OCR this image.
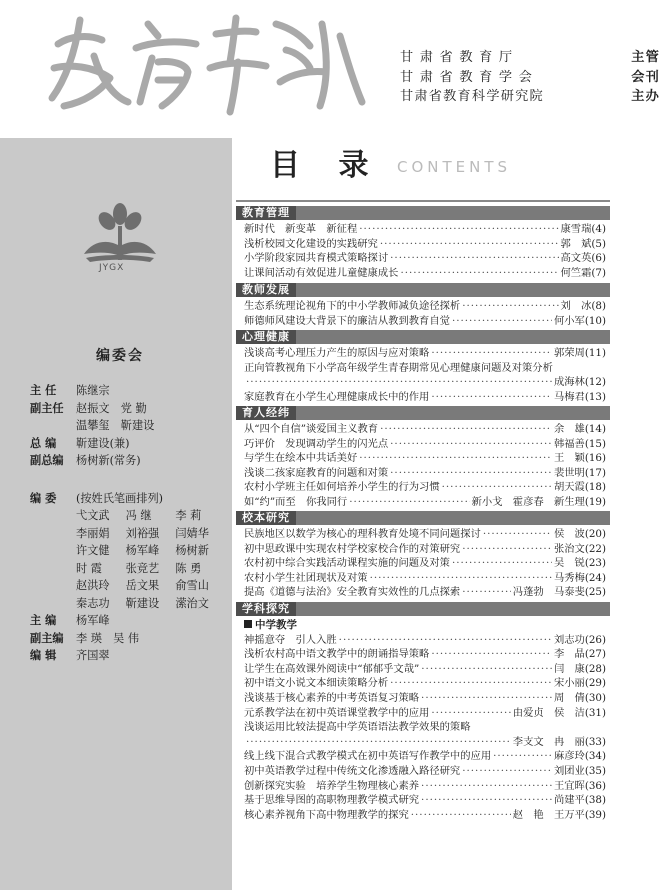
甘 肃 省 教 育 厅	主管
甘 肃 省 教 育 学 会	会刊
甘肃省教育科学研究院	主办
JYGX
编委会
主 任	陈继宗
副主任	赵振文　党 勤
温攀玺　靳建设
总 编	靳建设(兼)
副总编	杨树新(常务)
编 委	(按姓氏笔画排列)
弋文武	冯 继	李 莉
李丽娟	刘裕强	闫婧华
许文健	杨军峰	杨树新
时 霞	张竞艺	陈 勇
赵洪玲	岳文果	俞雪山
秦志功	靳建设	潆治文
主 编	杨军峰
副主编	李 瑛　吴 伟
编 辑	齐国翠
目 录 CONTENTS
教育管理
新时代　新变革　新征程 ·····	康雪瑞 (4)
浅析校园文化建设的实践研究 ·····	郭　斌 (5)
小学阶段家园共育模式策略探讨 ·····	高文英 (6)
让课间活动有效促进儿童健康成长 ·····	何竺霜 (7)
教师发展
生态系统理论视角下的中小学教师减负途径探析 ·····	刘　冰 (8)
师德师风建设大背景下的廉洁从教到教育自觉 ·····	何小军 (10)
心理健康
浅谈高考心理压力产生的原因与应对策略 ·····	郭荣周 (11)
正向管教视角下小学高年级学生青春期常见心理健康问题及对策分析
·····
成海林 (12)
家庭教育在小学生心理健康成长中的作用 ·····	马梅君 (13)
育人经纬
从“四个自信”谈爱国主义教育 ·····	余　雄 (14)
巧评价　发现调动学生的闪光点 ·····	韩福善 (15)
与学生在绘本中共话美好 ·····	王　颖 (16)
浅谈二孩家庭教育的问题和对策 ·····	裴世明 (17)
农村小学班主任如何培养小学生的行为习惯 ·····	胡天霞 (18)
如“约”而至　你我同行 ·····	新小戈　霍彦春　新生理 (19)
校本研究
民族地区以数学为核心的理科教育处境不同问题探讨 ·····	侯　波 (20)
初中思政课中实现农村学校家校合作的对策研究 ·····	张治文 (22)
农村初中综合实践活动课程实施的问题及对策 ·····	吴　锐 (23)
农村小学生社团现状及对策 ·····	马秀梅 (24)
提高《道德与法治》安全教育实效性的几点探索 ·····	冯蓬勃　马泰斐 (25)
学科探究
中学教学
神摇意夺　引人入胜 ·····	刘志功 (26)
浅析农村高中语文教学中的朗诵指导策略 ·····	李　晶 (27)
让学生在高效课外阅读中“郁郁乎文哉” ·····	闫　康 (28)
初中语文小说文本细读策略分析 ·····	宋小丽 (29)
浅谈基于核心素养的中考英语复习策略 ·····	周　倩 (30)
元系教学法在初中英语课堂教学中的应用 ·····	由爱贞　侯　洁 (31)
浅谈运用比较法提高中学英语语法教学效果的策略
·····
李支文　冉　丽 (33)
线上线下混合式教学模式在初中英语写作教学中的应用 ·····	麻彦玲 (34)
初中英语教学过程中传统文化渗透融入路径研究 ·····	刘团业 (35)
创新探究实验　培养学生物理核心素养 ·····	王宜晖 (36)
基于思维导图的高职物理教学模式研究 ·····	尚建平 (38)
核心素养视角下高中物理教学的探究 ·····	赵　艳　王万平 (39)
